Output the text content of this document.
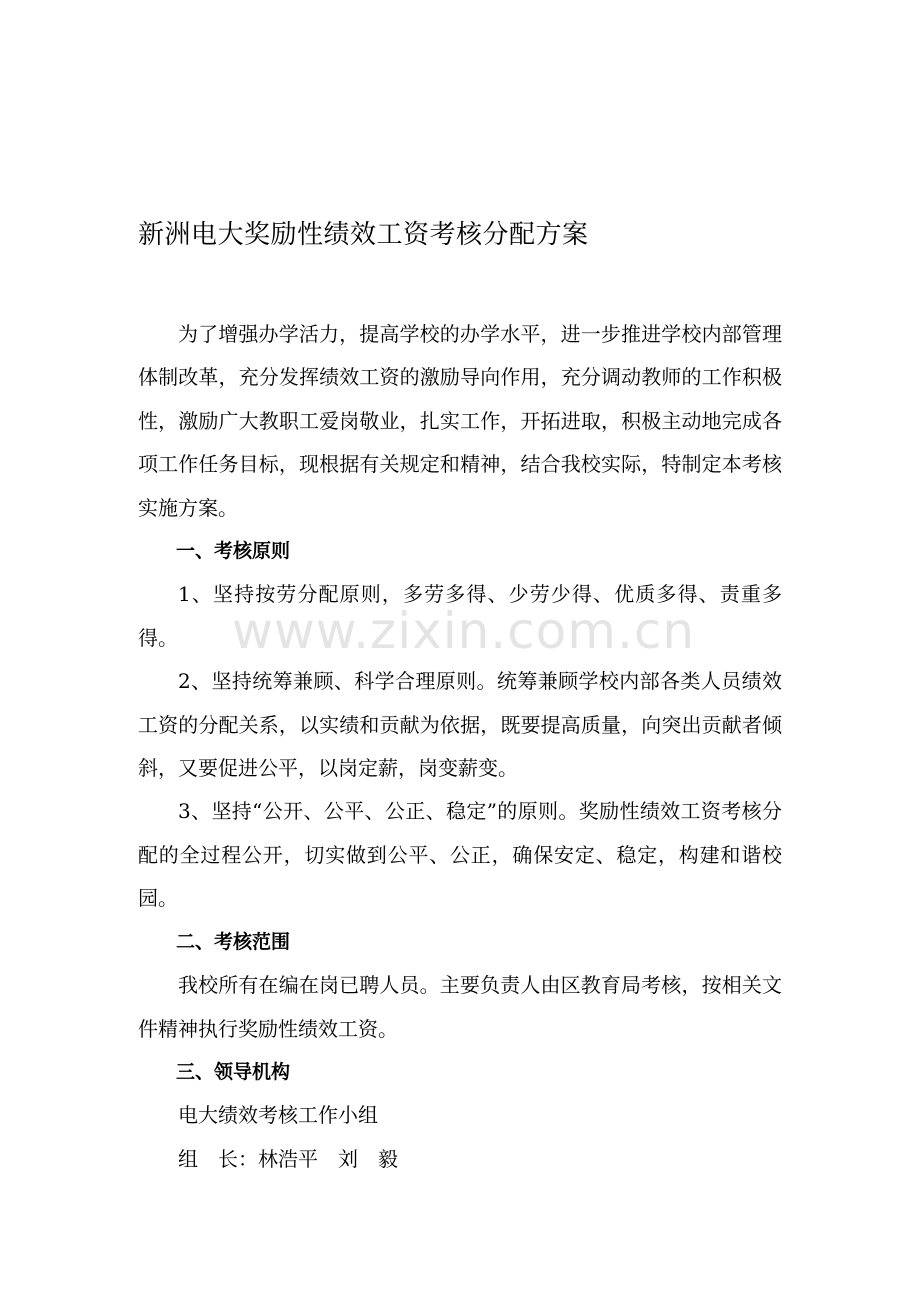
新洲电大奖励性绩效工资考核分配方案

为了增强办学活力，提高学校的办学水平，进一步推进学校内部管理体制改革，充分发挥绩效工资的激励导向作用，充分调动教师的工作积极性，激励广大教职工爱岗敬业，扎实工作，开拓进取，积极主动地完成各项工作任务目标，现根据有关规定和精神，结合我校实际，特制定本考核实施方案。

一、考核原则

1、坚持按劳分配原则，多劳多得、少劳少得、优质多得、责重多得。

2、坚持统筹兼顾、科学合理原则。统筹兼顾学校内部各类人员绩效工资的分配关系，以实绩和贡献为依据，既要提高质量，向突出贡献者倾斜，又要促进公平，以岗定薪，岗变薪变。

3、坚持“公开、公平、公正、稳定”的原则。奖励性绩效工资考核分配的全过程公开，切实做到公平、公正，确保安定、稳定，构建和谐校园。

二、考核范围

我校所有在编在岗已聘人员。主要负责人由区教育局考核，按相关文件精神执行奖励性绩效工资。

三、领导机构

电大绩效考核工作小组

组　长：林浩平　刘　毅

www.zixin.com.cn
